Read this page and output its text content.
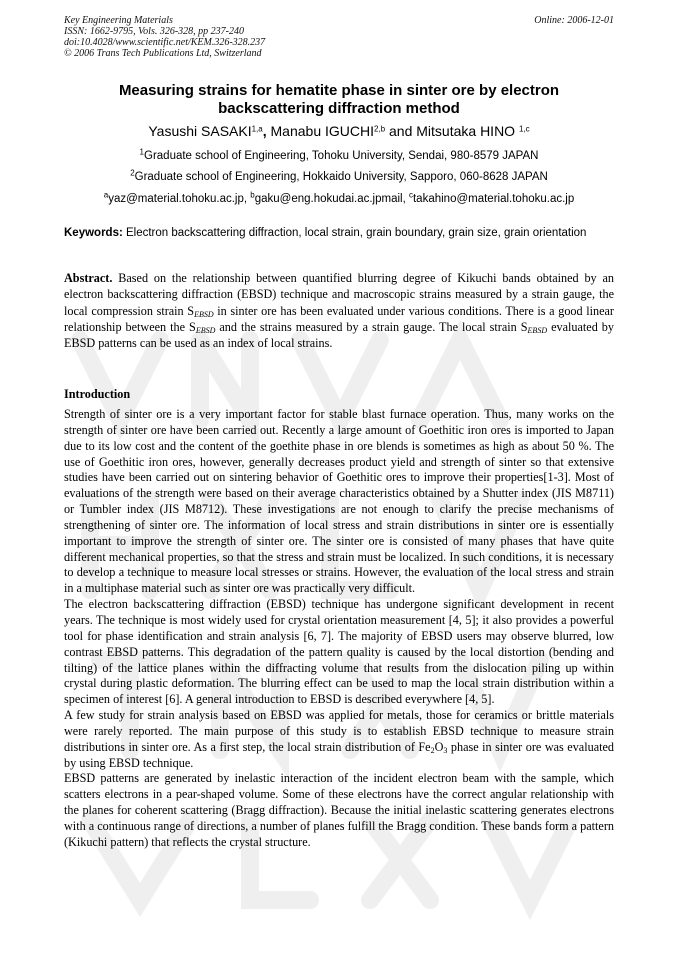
Key Engineering Materials
ISSN: 1662-9795, Vols. 326-328, pp 237-240
doi:10.4028/www.scientific.net/KEM.326-328.237
© 2006 Trans Tech Publications Ltd, Switzerland
Online: 2006-12-01
Measuring strains for hematite phase in sinter ore by electron
backscattering diffraction method
Yasushi SASAKI$^{1,a}$, Manabu IGUCHI$^{2,b}$ and Mitsutaka HINO $^{1,c}$
$^1$Graduate school of Engineering, Tohoku University, Sendai, 980-8579 JAPAN
$^2$Graduate school of Engineering, Hokkaido University, Sapporo, 060-8628 JAPAN
$^a$yaz@material.tohoku.ac.jp, $^b$gaku@eng.hokudai.ac.jpmail, $^c$takahino@material.tohoku.ac.jp
Keywords: Electron backscattering diffraction, local strain, grain boundary, grain size, grain orientation
Abstract. Based on the relationship between quantified blurring degree of Kikuchi bands obtained by an electron backscattering diffraction (EBSD) technique and macroscopic strains measured by a strain gauge, the local compression strain $S_{EBSD}$ in sinter ore has been evaluated under various conditions. There is a good linear relationship between the $S_{EBSD}$ and the strains measured by a strain gauge. The local strain $S_{EBSD}$ evaluated by EBSD patterns can be used as an index of local strains.
Introduction

Strength of sinter ore is a very important factor for stable blast furnace operation. Thus, many works on the strength of sinter ore have been carried out. Recently a large amount of Goethitic iron ores is imported to Japan due to its low cost and the content of the goethite phase in ore blends is sometimes as high as about 50 %. The use of Goethitic iron ores, however, generally decreases product yield and strength of sinter so that extensive studies have been carried out on sintering behavior of Goethitic ores to improve their properties[1-3]. Most of evaluations of the strength were based on their average characteristics obtained by a Shutter index (JIS M8711) or Tumbler index (JIS M8712). These investigations are not enough to clarify the precise mechanisms of strengthening of sinter ore. The information of local stress and strain distributions in sinter ore is essentially important to improve the strength of sinter ore. The sinter ore is consisted of many phases that have quite different mechanical properties, so that the stress and strain must be localized. In such conditions, it is necessary to develop a technique to measure local stresses or strains. However, the evaluation of the local stress and strain in a multiphase material such as sinter ore was practically very difficult.

The electron backscattering diffraction (EBSD) technique has undergone significant development in recent years. The technique is most widely used for crystal orientation measurement [4, 5]; it also provides a powerful tool for phase identification and strain analysis [6, 7]. The majority of EBSD users may observe blurred, low contrast EBSD patterns. This degradation of the pattern quality is caused by the local distortion (bending and tilting) of the lattice planes within the diffracting volume that results from the dislocation piling up within crystal during plastic deformation. The blurring effect can be used to map the local strain distribution within a specimen of interest [6]. A general introduction to EBSD is described everywhere [4, 5].

A few study for strain analysis based on EBSD was applied for metals, those for ceramics or brittle materials were rarely reported. The main purpose of this study is to establish EBSD technique to measure strain distributions in sinter ore. As a first step, the local strain distribution of Fe2O3 phase in sinter ore was evaluated by using EBSD technique.

EBSD patterns are generated by inelastic interaction of the incident electron beam with the sample, which scatters electrons in a pear-shaped volume. Some of these electrons have the correct angular relationship with the planes for coherent scattering (Bragg diffraction). Because the initial inelastic scattering generates electrons with a continuous range of directions, a number of planes fulfill the Bragg condition. These bands form a pattern (Kikuchi pattern) that reflects the crystal structure.
